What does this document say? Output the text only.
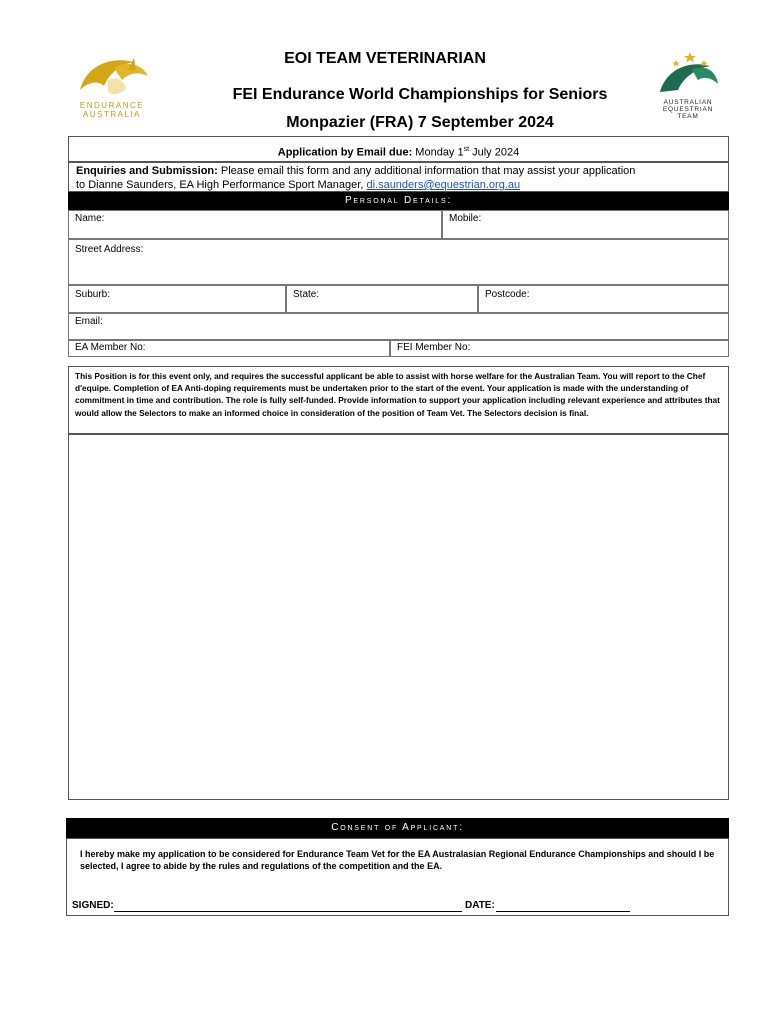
ENDURANCE AUSTRALIA
AUSTRALIAN EQUESTRIAN TEAM
EOI TEAM VETERINARIAN
FEI Endurance World Championships for Seniors
Monpazier (FRA) 7 September 2024
Application by Email due: Monday 1st July 2024
Enquiries and Submission: Please email this form and any additional information that may assist your application
to Dianne Saunders, EA High Performance Sport Manager, di.saunders@equestrian.org.au
Personal Details:
Name:	Mobile:
Street Address:
Suburb:	State:	Postcode:
Email:
EA Member No:	FEI Member No:
This Position is for this event only, and requires the successful applicant be able to assist with horse welfare for the Australian Team. You will report to the Chef d'equipe. Completion of EA Anti-doping requirements must be undertaken prior to the start of the event. Your application is made with the understanding of commitment in time and contribution. The role is fully self-funded. Provide information to support your application including relevant experience and attributes that would allow the Selectors to make an informed choice in consideration of the position of Team Vet. The Selectors decision is final.
Consent of Applicant:
I hereby make my application to be considered for Endurance Team Vet for the EA Australasian Regional Endurance Championships and should I be selected, I agree to abide by the rules and regulations of the competition and the EA.
SIGNED:	DATE:
